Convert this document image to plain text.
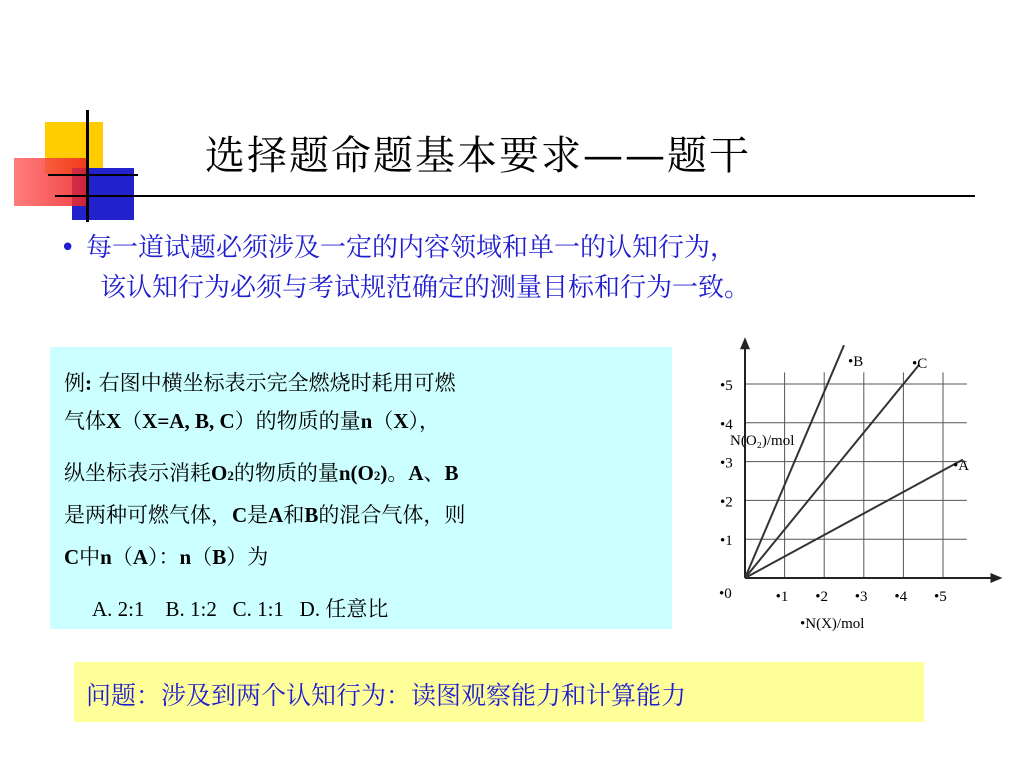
选择题命题基本要求——题干
• 每一道试题必须涉及一定的内容领域和单一的认知行为，
该认知行为必须与考试规范确定的测量目标和行为一致。
例: 右图中横坐标表示完全燃烧时耗用可燃
气体X（X=A, B, C）的物质的量n（X），
纵坐标表示消耗O2的物质的量n(O2)。A、B
是两种可燃气体，C是A和B的混合气体，则
C中n（A）：n（B）为
A. 2:1    B. 1:2   C. 1:1   D. 任意比
•B	•C
•A
•1
•2
•3
•4
•5
•0	•1 •2 •3 •4 •5
N(O₂)/mol
•N(X)/mol
问题：涉及到两个认知行为：读图观察能力和计算能力
